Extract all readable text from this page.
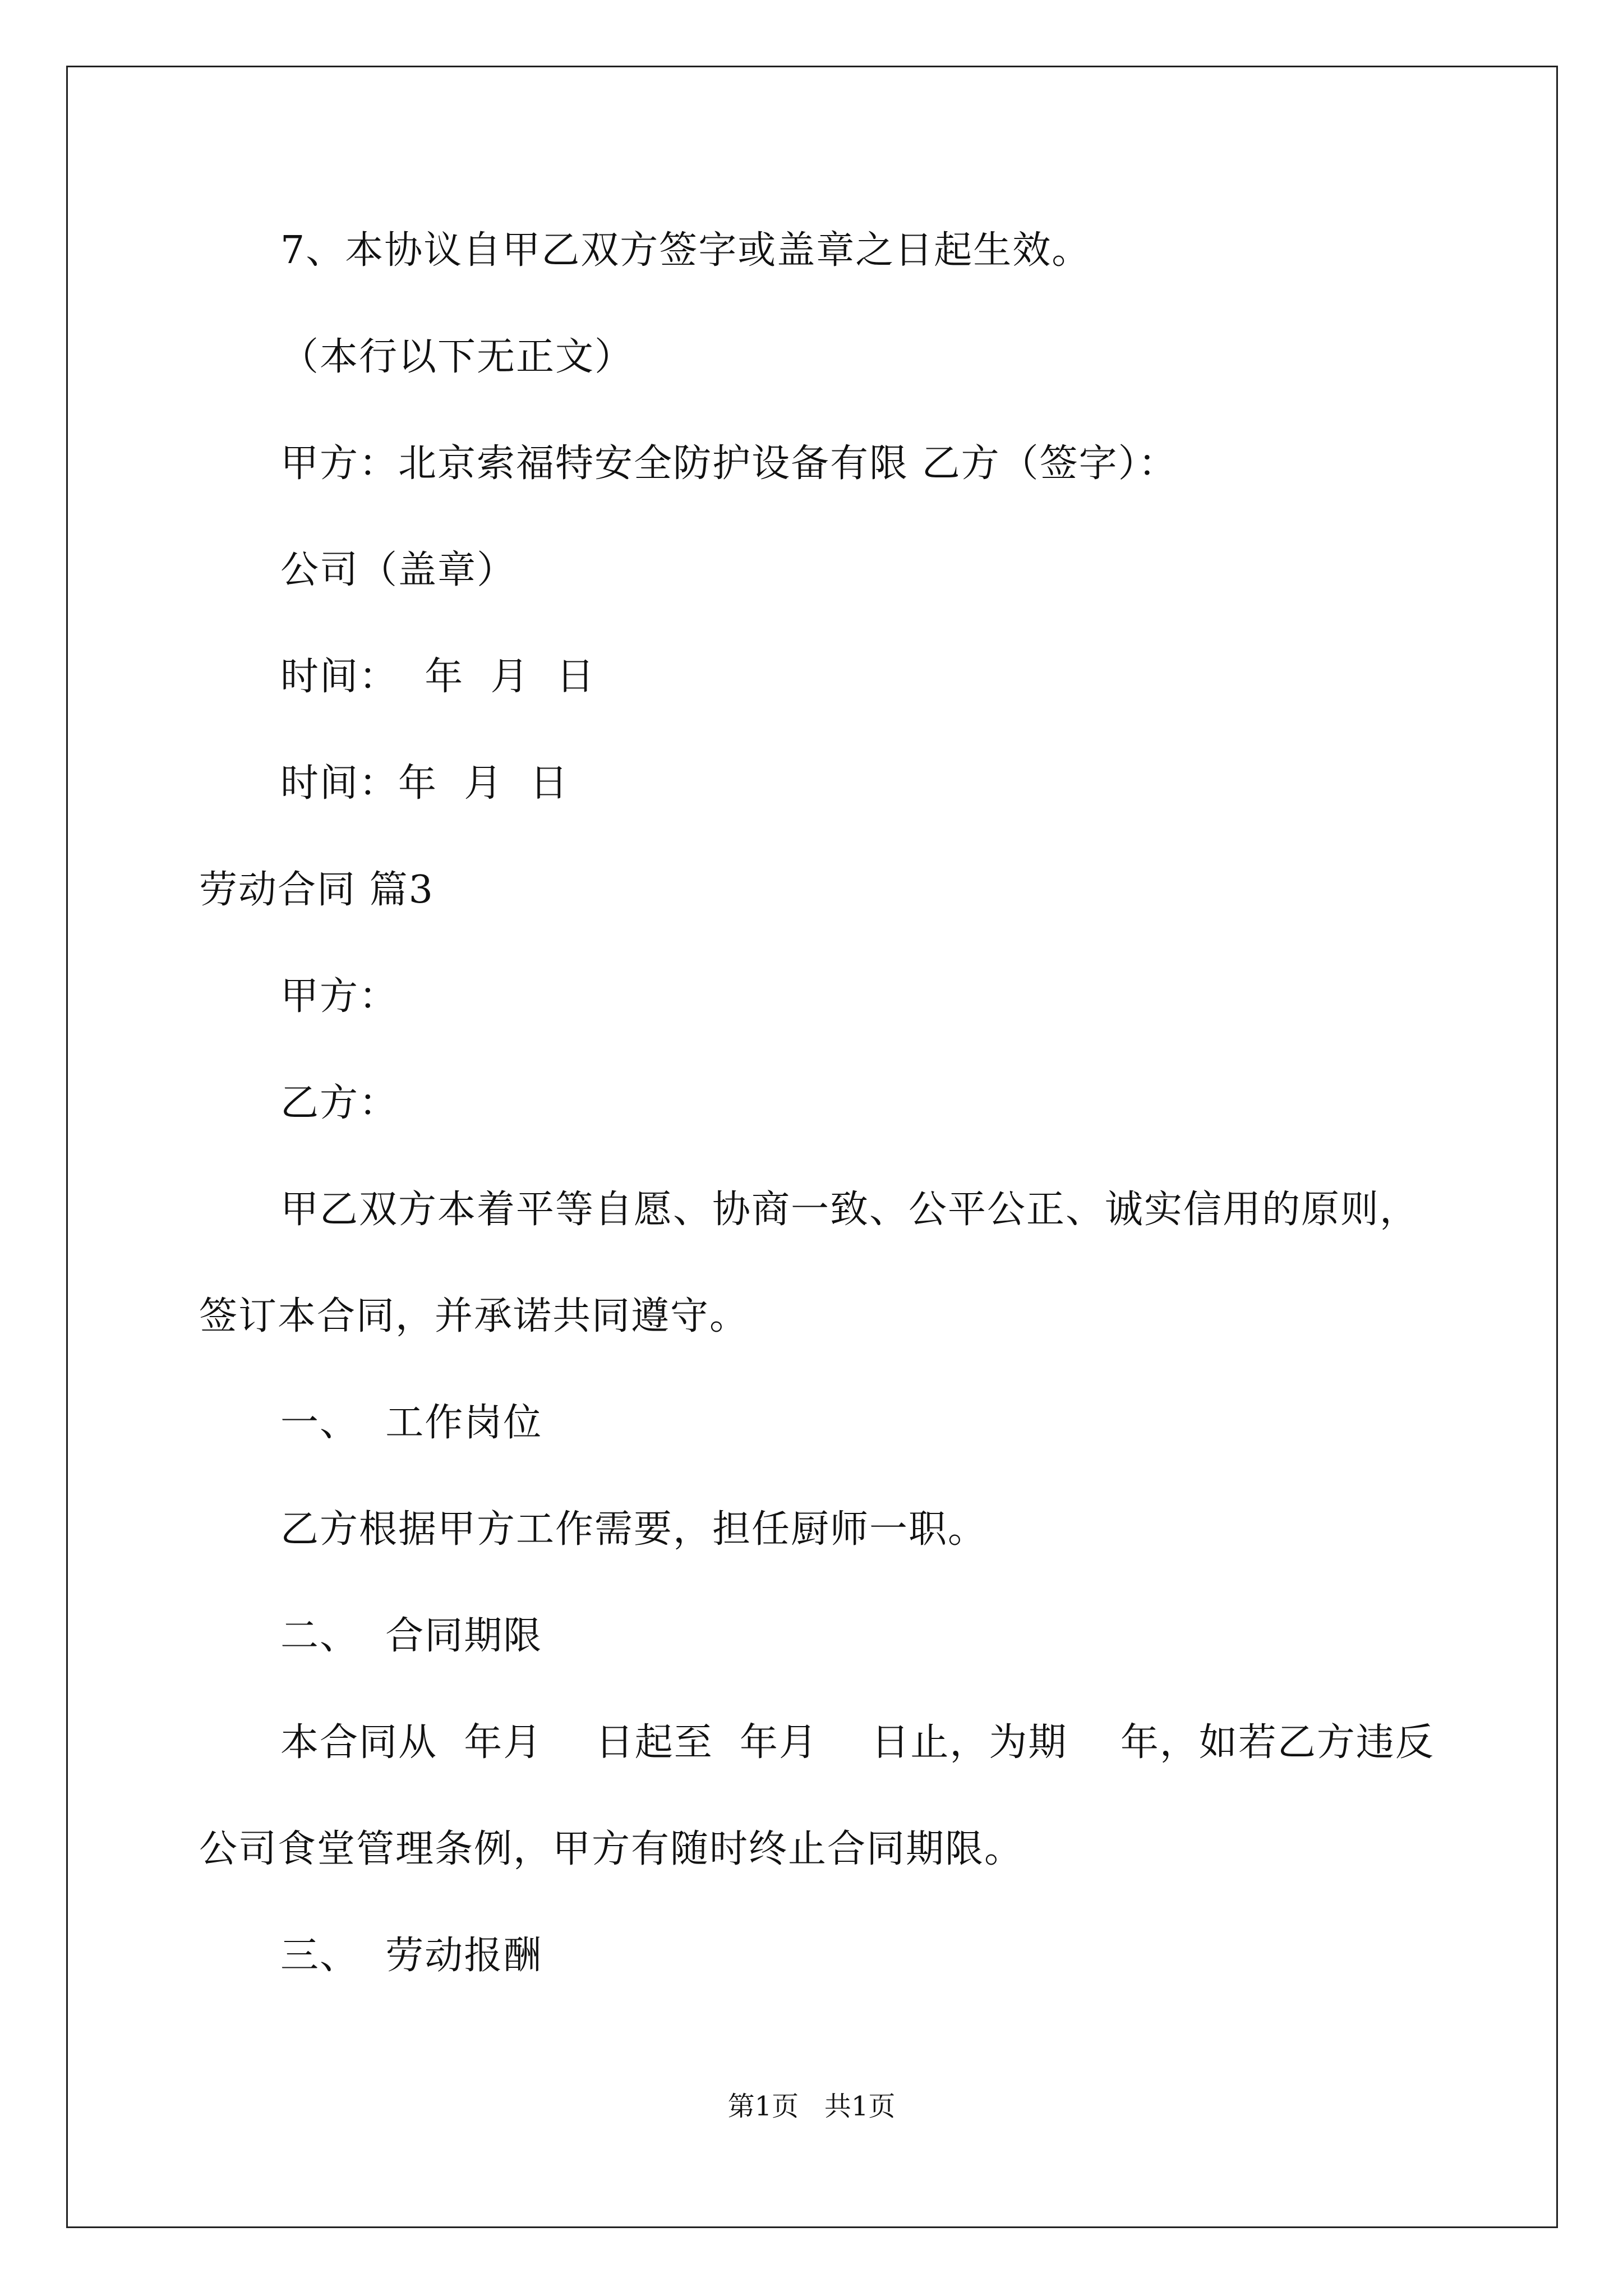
7、本协议自甲乙双方签字或盖章之日起生效。
（本行以下无正文）
甲方：北京索福特安全防护设备有限 乙方（签字）：
公司（盖章）
时间：  年  月  日
时间：年  月  日
劳动合同 篇3
甲方：
乙方：
甲乙双方本着平等自愿、协商一致、公平公正、诚实信用的原则，
签订本合同，并承诺共同遵守。
一、  工作岗位
乙方根据甲方工作需要，担任厨师一职。
二、  合同期限
本合同从  年月    日起至  年月    日止，为期    年，如若乙方违反
公司食堂管理条例，甲方有随时终止合同期限。
三、  劳动报酬
第1页   共1页
